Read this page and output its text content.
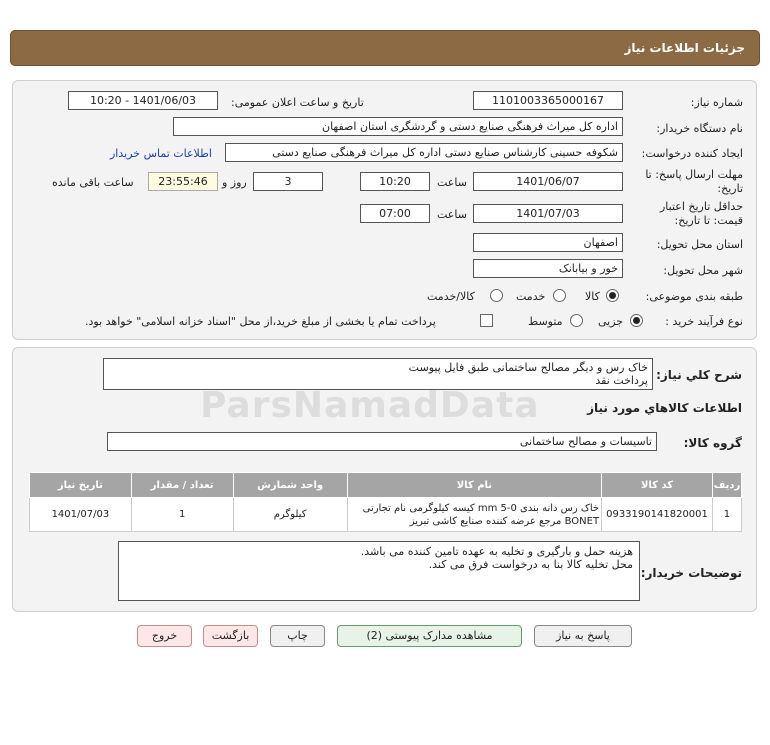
جزئیات اطلاعات نیاز
شماره نیاز:
1101003365000167
تاریخ و ساعت اعلان عمومی:
1401/06/03 - 10:20
نام دستگاه خریدار:
اداره کل میراث فرهنگی صنایع دستی و گردشگری استان اصفهان
ایجاد کننده درخواست:
شکوفه حسینی کارشناس صنایع دستی اداره کل میراث فرهنگی صنایع دستی
اطلاعات تماس خریدار
مهلت ارسال پاسخ: تا
تاریخ:
1401/06/07
ساعت
10:20
3
روز و
23:55:46
ساعت باقی مانده
حداقل تاریخ اعتبار
قیمت: تا تاریخ:
1401/07/03
ساعت
07:00
استان محل تحویل:
اصفهان
شهر محل تحویل:
خور و بیابانک
طبقه بندی موضوعی:
کالا
خدمت
کالا/خدمت
نوع فرآیند خرید :
جزیی
متوسط
پرداخت تمام یا بخشی از مبلغ خرید،از محل "اسناد خزانه اسلامی" خواهد بود.
شرح کلي نياز:
خاک رس و دیگر مصالح ساختمانی طبق فایل پیوست
پرداخت نقد
اطلاعات کالاهاي مورد نياز
گروه کالا:
تاسیسات و مصالح ساختمانی
ردیف	کد کالا	نام کالا	واحد شمارش	تعداد / مقدار	تاریخ نیاز
1	0933190141820001	خاک رس دانه بندی mm 5-0 کیسه کیلوگرمی نام تجارتی BONET مرجع عرضه کننده صنایع کاشی تبریز	کیلوگرم	1	1401/07/03
توضیحات خریدار:
هزینه حمل و بارگیری و تخلیه به عهده تامین کننده می باشد.
محل تخلیه کالا بنا به درخواست فرق می کند.
ParsNamadData
پاسخ به نیاز
مشاهده مدارک پیوستی (2)
چاپ
بازگشت
خروج
